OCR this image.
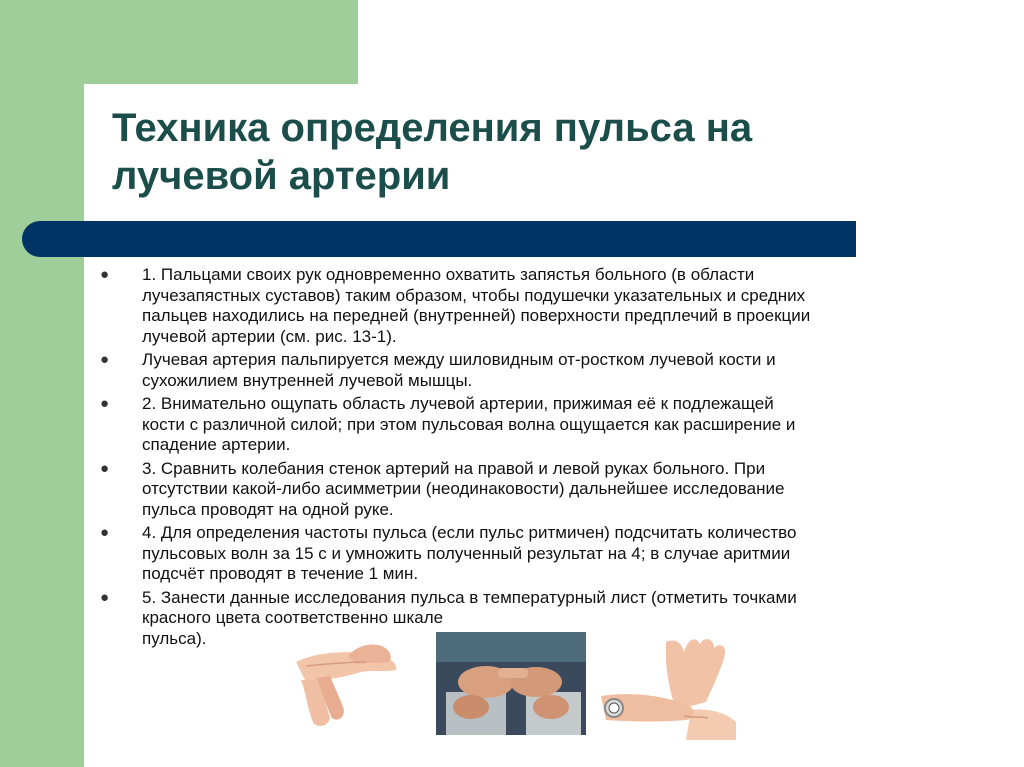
Техника определения пульса на
лучевой артерии
● 1. Пальцами своих рук одновременно охватить запястья больного (в области
лучезапястных суставов) таким образом, чтобы подушечки указательных и средних
пальцев находились на передней (внутренней) поверхности предплечий в проекции
лучевой артерии (см. рис. 13-1).
● Лучевая артерия пальпируется между шиловидным от-ростком лучевой кости и
сухожилием внутренней лучевой мышцы.
● 2. Внимательно ощупать область лучевой артерии, прижимая её к подлежащей
кости с различной силой; при этом пульсовая волна ощущается как расширение и
спадение артерии.
● 3. Сравнить колебания стенок артерий на правой и левой руках больного. При
отсутствии какой-либо асимметрии (неодинаковости) дальнейшее исследование
пульса проводят на одной руке.
● 4. Для определения частоты пульса (если пульс ритмичен) подсчитать количество
пульсовых волн за 15 с и умножить полученный результат на 4; в случае аритмии
подсчёт проводят в течение 1 мин.
● 5. Занести данные исследования пульса в температурный лист (отметить точками
красного цвета соответственно шкале
пульса).
